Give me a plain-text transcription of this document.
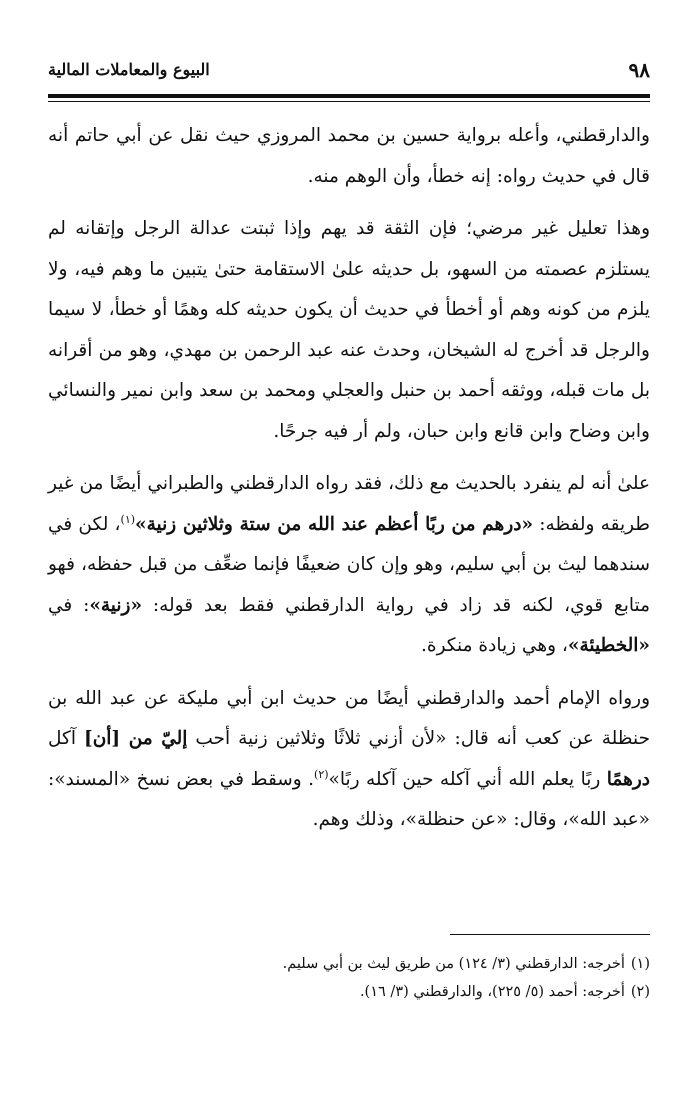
٩٨
البيوع والمعاملات المالية

والدارقطني، وأعله برواية حسين بن محمد المروزي حيث نقل عن أبي حاتم أنه قال في حديث رواه: إنه خطأ، وأن الوهم منه.

وهذا تعليل غير مرضي؛ فإن الثقة قد يهم وإذا ثبتت عدالة الرجل وإتقانه لم يستلزم عصمته من السهو، بل حديثه علىٰ الاستقامة حتىٰ يتبين ما وهم فيه، ولا يلزم من كونه وهم أو أخطأ في حديث أن يكون حديثه كله وهمًا أو خطأ، لا سيما والرجل قد أخرج له الشيخان، وحدث عنه عبد الرحمن بن مهدي، وهو من أقرانه بل مات قبله، ووثقه أحمد بن حنبل والعجلي ومحمد بن سعد وابن نمير والنسائي وابن وضاح وابن قانع وابن حبان، ولم أر فيه جرحًا.

علىٰ أنه لم ينفرد بالحديث مع ذلك، فقد رواه الدارقطني والطبراني أيضًا من غير طريقه ولفظه: «درهم من ربًا أعظم عند الله من ستة وثلاثين زنية»$^{(١)}$، لكن في سندهما ليث بن أبي سليم، وهو وإن كان ضعيفًا فإنما ضعِّف من قبل حفظه، فهو متابع قوي، لكنه قد زاد في رواية الدارقطني فقط بعد قوله: «زنية»: في «الخطيئة»، وهي زيادة منكرة.

ورواه الإمام أحمد والدارقطني أيضًا من حديث ابن أبي مليكة عن عبد الله بن حنظلة عن كعب أنه قال: «لأن أزني ثلاثًا وثلاثين زنية أحب إليّ من [أن] آكل درهمًا ربًا يعلم الله أني آكله حين آكله ربًا»$^{(٢)}$. وسقط في بعض نسخ «المسند»: «عبد الله»، وقال: «عن حنظلة»، وذلك وهم.

(١)أخرجه: الدارقطني (٣/ ١٢٤) من طريق ليث بن أبي سليم.

(٢)أخرجه: أحمد (٥/ ٢٢٥)، والدارقطني (٣/ ١٦).
